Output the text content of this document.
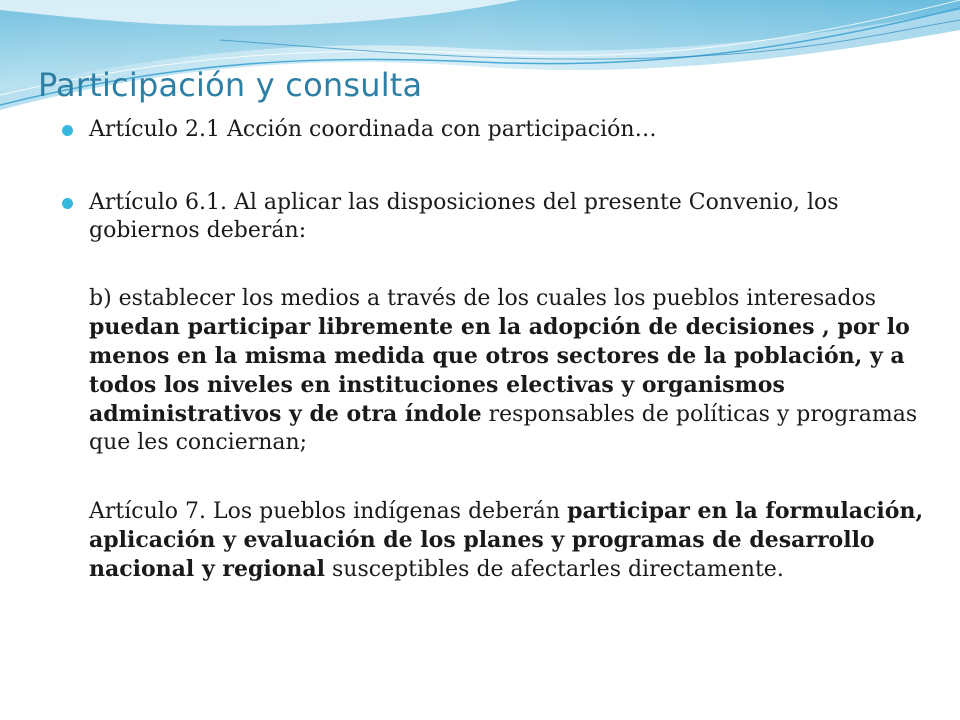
Participación y consulta

Artículo 2.1 Acción coordinada con participación…

Artículo 6.1. Al aplicar las disposiciones del presente Convenio, los gobiernos deberán:

b) establecer los medios a través de los cuales los pueblos interesados puedan participar libremente en la adopción de decisiones , por lo menos en la misma medida que otros sectores de la población, y a todos los niveles en instituciones electivas y organismos administrativos y de otra índole responsables de políticas y programas que les conciernan;

Artículo 7. Los pueblos indígenas deberán participar en la formulación, aplicación y evaluación de los planes y programas de desarrollo nacional y regional susceptibles de afectarles directamente.
